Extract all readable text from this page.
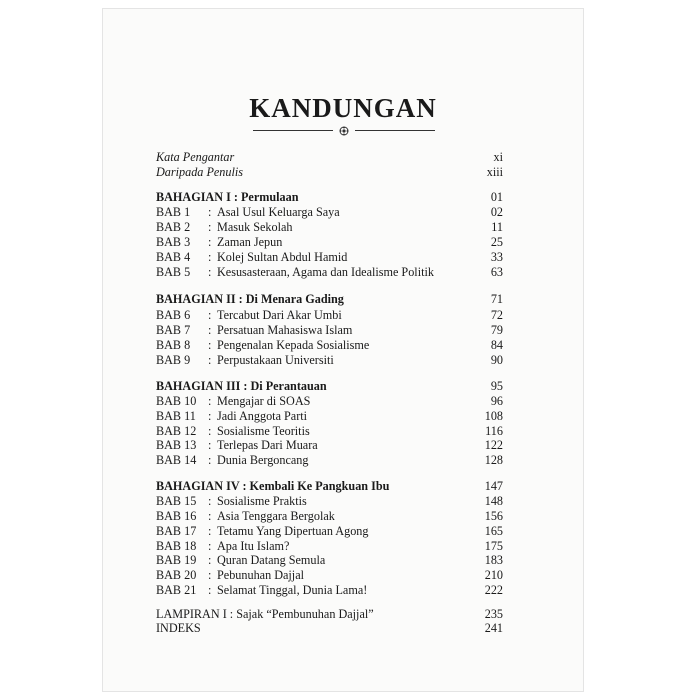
KANDUNGAN
Kata Pengantar	xi
Daripada Penulis	xiii
BAHAGIAN I : Permulaan	01
BAB 1 : Asal Usul Keluarga Saya	02
BAB 2 : Masuk Sekolah	11
BAB 3 : Zaman Jepun	25
BAB 4 : Kolej Sultan Abdul Hamid	33
BAB 5 : Kesusasteraan, Agama dan Idealisme Politik	63
BAHAGIAN II : Di Menara Gading	71
BAB 6 : Tercabut Dari Akar Umbi	72
BAB 7 : Persatuan Mahasiswa Islam	79
BAB 8 : Pengenalan Kepada Sosialisme	84
BAB 9 : Perpustakaan Universiti	90
BAHAGIAN III : Di Perantauan	95
BAB 10 : Mengajar di SOAS	96
BAB 11 : Jadi Anggota Parti	108
BAB 12 : Sosialisme Teoritis	116
BAB 13 : Terlepas Dari Muara	122
BAB 14 : Dunia Bergoncang	128
BAHAGIAN IV : Kembali Ke Pangkuan Ibu	147
BAB 15 : Sosialisme Praktis	148
BAB 16 : Asia Tenggara Bergolak	156
BAB 17 : Tetamu Yang Dipertuan Agong	165
BAB 18 : Apa Itu Islam?	175
BAB 19 : Quran Datang Semula	183
BAB 20 : Pebunuhan Dajjal	210
BAB 21 : Selamat Tinggal, Dunia Lama!	222
LAMPIRAN I : Sajak “Pembunuhan Dajjal”	235
INDEKS	241
